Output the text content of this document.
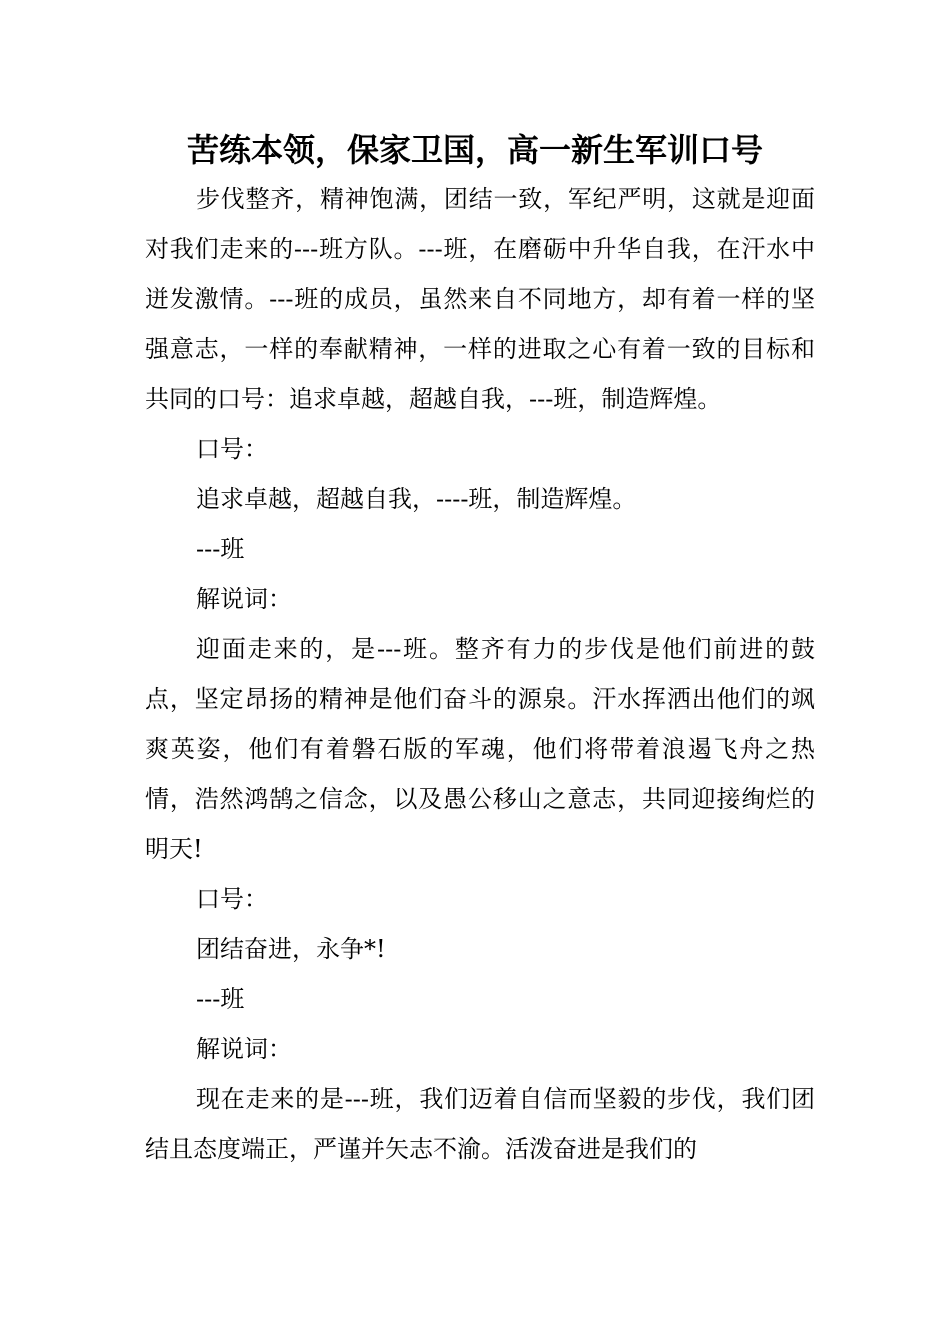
苦练本领，保家卫国，高一新生军训口号

步伐整齐，精神饱满，团结一致，军纪严明，这就是迎面对我们走来的---班方队。---班，在磨砺中升华自我，在汗水中迸发激情。---班的成员，虽然来自不同地方，却有着一样的坚强意志，一样的奉献精神，一样的进取之心有着一致的目标和共同的口号：追求卓越，超越自我，---班，制造辉煌。

口号：

追求卓越，超越自我，----班，制造辉煌。

---班

解说词：

迎面走来的，是---班。整齐有力的步伐是他们前进的鼓点，坚定昂扬的精神是他们奋斗的源泉。汗水挥洒出他们的飒爽英姿，他们有着磐石版的军魂，他们将带着浪遏飞舟之热情，浩然鸿鹄之信念，以及愚公移山之意志，共同迎接绚烂的明天!

口号：

团结奋进，永争*!

---班

解说词：

现在走来的是---班，我们迈着自信而坚毅的步伐，我们团结且态度端正，严谨并矢志不渝。活泼奋进是我们的
